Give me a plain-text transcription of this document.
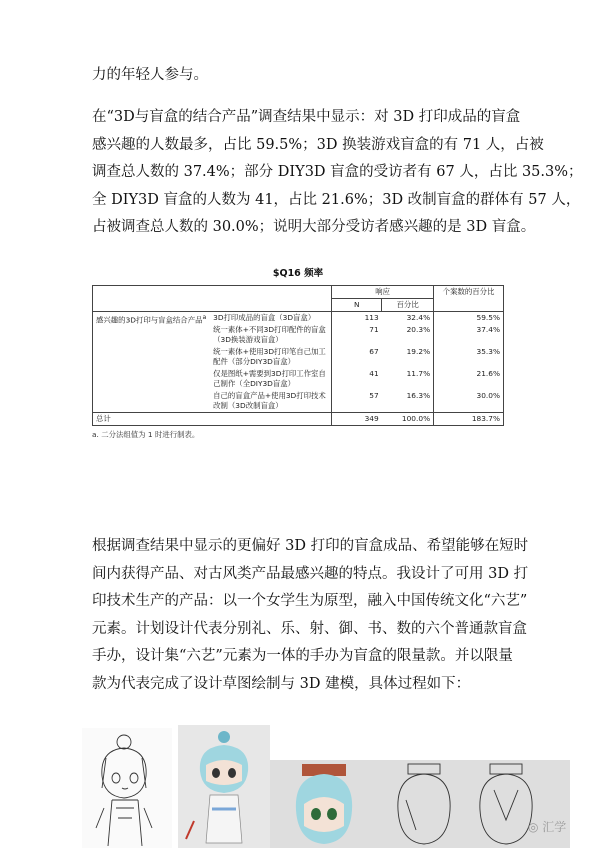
力的年轻人参与。

在“3D与盲盒的结合产品”调查结果中显示：对 3D 打印成品的盲盒

感兴趣的人数最多，占比 59.5%；3D 换装游戏盲盒的有 71 人，占被

调查总人数的 37.4%；部分 DIY3D 盲盒的受访者有 67 人，占比 35.3%；

全 DIY3D 盲盒的人数为 41，占比 21.6%；3D 改制盲盒的群体有 57 人，

占被调查总人数的 30.0%；说明大部分受访者感兴趣的是 3D 盲盒。

$Q16 频率
		响应		个案数的百分比
		N	百分比	
感兴趣的3D打印与盲盒结合产品$^a$	3D打印成品的盲盒（3D盲盒）	113	32.4%	59.5%
	统一素体+不同3D打印配件的盲盒（3D换装游戏盲盒）	71	20.3%	37.4%
	统一素体+使用3D打印笔自己加工配件（部分DIY3D盲盒）	67	19.2%	35.3%
	仅是图纸+需要到3D打印工作室自己制作（全DIY3D盲盒）	41	11.7%	21.6%
	自己的盲盒产品+使用3D打印技术改制（3D改制盲盒）	57	16.3%	30.0%
总计		349	100.0%	183.7%
a. 二分法组值为 1 时进行制表。

根据调查结果中显示的更偏好 3D 打印的盲盒成品、希望能够在短时

间内获得产品、对古风类产品最感兴趣的特点。我设计了可用 3D 打

印技术生产的产品：以一个女学生为原型，融入中国传统文化“六艺”

元素。计划设计代表分别礼、乐、射、御、书、数的六个普通款盲盒

手办，设计集“六艺”元素为一体的手办为盲盒的限量款。并以限量

款为代表完成了设计草图绘制与 3D 建模，具体过程如下：

◎ 汇学
